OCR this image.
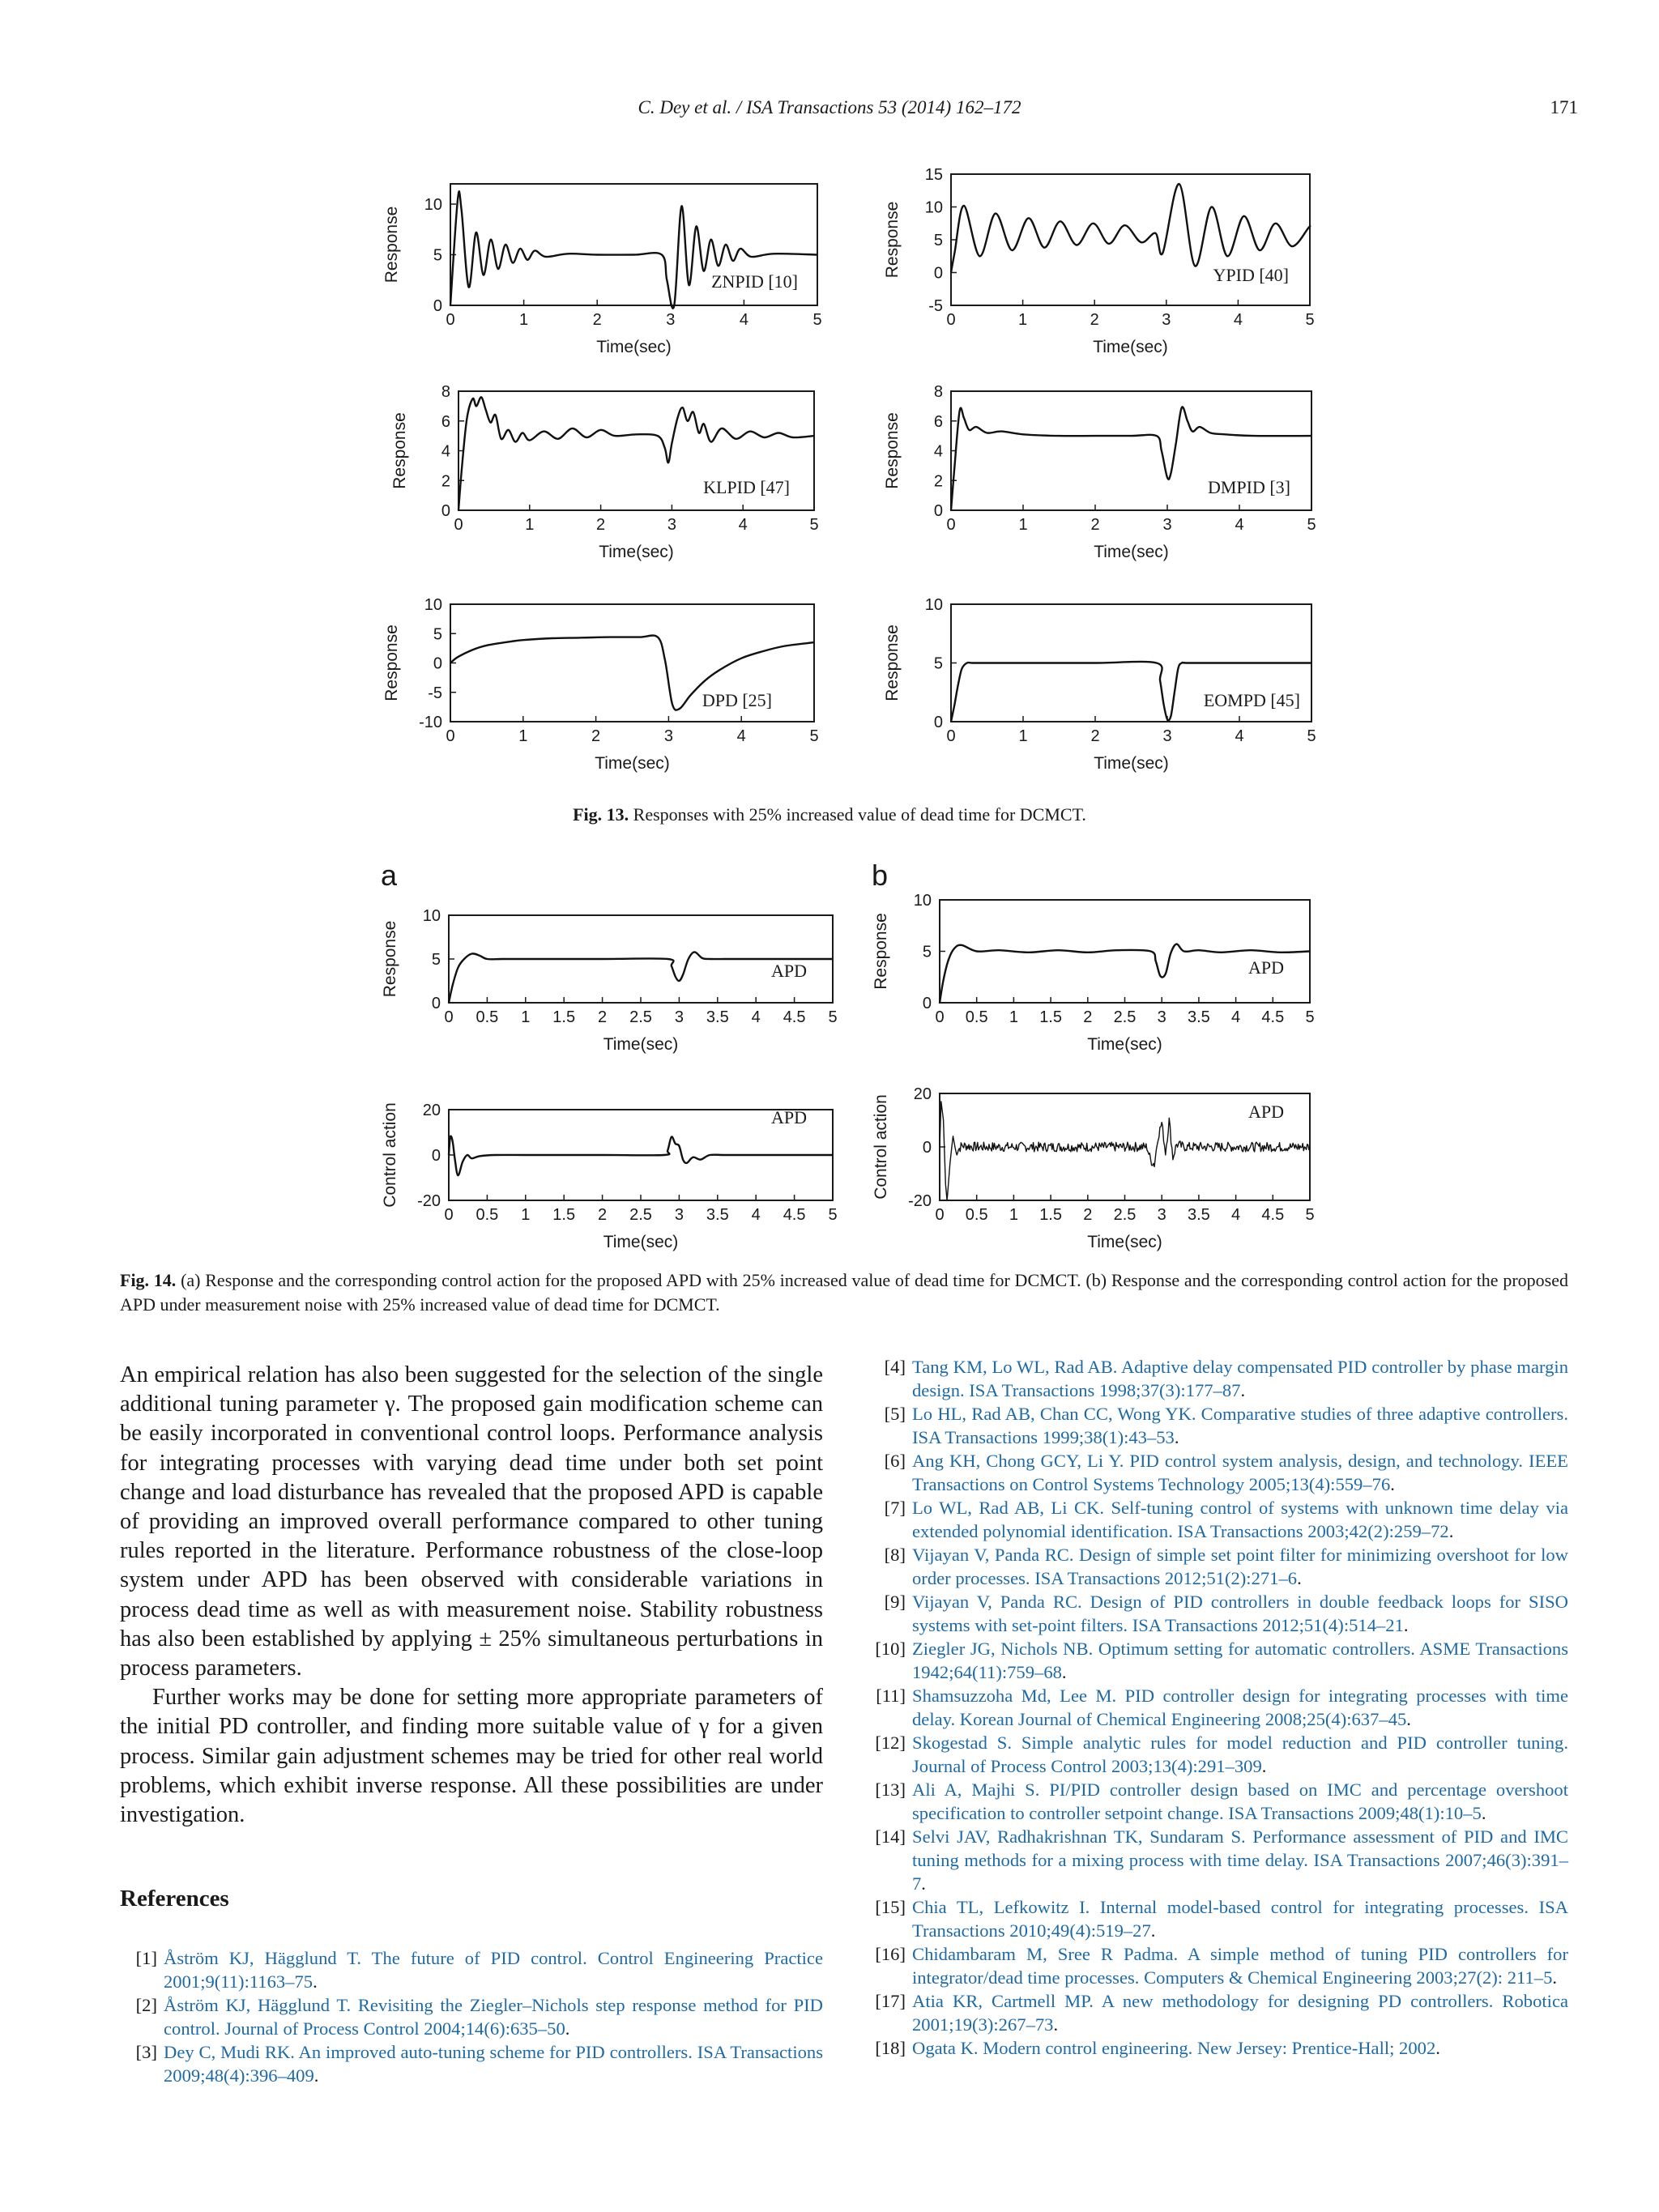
C. Dey et al. / ISA Transactions 53 (2014) 162–172	171
0	1	2	3	4	5
0
5
10
Time(sec)
Response	ZNPID [10]
0	1	2	3	4	5
-5
0
5
10
15
Time(sec)
Response	YPID [40]
0	1	2	3	4	5
0
2
4
6
8
Time(sec)
Response	KLPID [47]
0	1	2	3	4	5
0
2
4
6
8
Time(sec)
Response	DMPID [3]
0	1	2	3	4	5
-10
-5
0
5
10
Time(sec)
Response	DPD [25]
0	1	2	3	4	5
0
5
10
Time(sec)
Response	EOMPD [45]
0 0.5 1 1.5 2 2.5 3 3.5 4 4.5 5
0
5
10
Time(sec)
Response	APD
0 0.5 1 1.5 2 2.5 3 3.5 4 4.5 5
0
5
10
Time(sec)
Response	APD
0 0.5 1 1.5 2 2.5 3 3.5 4 4.5 5
-20
0
20
Time(sec)
Control action	APD
0 0.5 1 1.5 2 2.5 3 3.5 4 4.5 5
-20
0
20
Time(sec)
Control action	APD
a	b
Fig. 13. Responses with 25% increased value of dead time for DCMCT.
Fig. 14. (a) Response and the corresponding control action for the proposed APD with 25% increased value of dead time for DCMCT. (b) Response and the corresponding control action for the proposed APD under measurement noise with 25% increased value of dead time for DCMCT.

An empirical relation has also been suggested for the selection of the single additional tuning parameter γ. The proposed gain modification scheme can be easily incorporated in conventional control loops. Performance analysis for integrating processes with varying dead time under both set point change and load disturbance has revealed that the proposed APD is capable of providing an improved overall performance compared to other tuning rules reported in the literature. Performance robustness of the close-loop system under APD has been observed with considerable variations in process dead time as well as with measurement noise. Stability robustness has also been established by applying ± 25% simultaneous perturbations in process parameters.

Further works may be done for setting more appropriate parameters of the initial PD controller, and finding more suitable value of γ for a given process. Similar gain adjustment schemes may be tried for other real world problems, which exhibit inverse response. All these possibilities are under investigation.

References
[1] Åström KJ, Hägglund T. The future of PID control. Control Engineering Practice 2001;9(11):1163–75.
[2] Åström KJ, Hägglund T. Revisiting the Ziegler–Nichols step response method for PID control. Journal of Process Control 2004;14(6):635–50.
[3] Dey C, Mudi RK. An improved auto-tuning scheme for PID controllers. ISA Transactions 2009;48(4):396–409.
[4] Tang KM, Lo WL, Rad AB. Adaptive delay compensated PID controller by phase margin design. ISA Transactions 1998;37(3):177–87.
[5] Lo HL, Rad AB, Chan CC, Wong YK. Comparative studies of three adaptive controllers. ISA Transactions 1999;38(1):43–53.
[6] Ang KH, Chong GCY, Li Y. PID control system analysis, design, and technology. IEEE Transactions on Control Systems Technology 2005;13(4):559–76.
[7] Lo WL, Rad AB, Li CK. Self-tuning control of systems with unknown time delay via extended polynomial identification. ISA Transactions 2003;42(2):259–72.
[8] Vijayan V, Panda RC. Design of simple set point filter for minimizing overshoot for low order processes. ISA Transactions 2012;51(2):271–6.
[9] Vijayan V, Panda RC. Design of PID controllers in double feedback loops for SISO systems with set-point filters. ISA Transactions 2012;51(4):514–21.
[10] Ziegler JG, Nichols NB. Optimum setting for automatic controllers. ASME Transactions 1942;64(11):759–68.
[11] Shamsuzzoha Md, Lee M. PID controller design for integrating processes with time delay. Korean Journal of Chemical Engineering 2008;25(4):637–45.
[12] Skogestad S. Simple analytic rules for model reduction and PID controller tuning. Journal of Process Control 2003;13(4):291–309.
[13] Ali A, Majhi S. PI/PID controller design based on IMC and percentage overshoot specification to controller setpoint change. ISA Transactions 2009;48(1):10–5.
[14] Selvi JAV, Radhakrishnan TK, Sundaram S. Performance assessment of PID and IMC tuning methods for a mixing process with time delay. ISA Transactions 2007;46(3):391–7.
[15] Chia TL, Lefkowitz I. Internal model-based control for integrating processes. ISA Transactions 2010;49(4):519–27.
[16] Chidambaram M, Sree R Padma. A simple method of tuning PID controllers for integrator/dead time processes. Computers & Chemical Engineering 2003;27(2): 211–5.
[17] Atia KR, Cartmell MP. A new methodology for designing PD controllers. Robotica 2001;19(3):267–73.
[18] Ogata K. Modern control engineering. New Jersey: Prentice-Hall; 2002.
